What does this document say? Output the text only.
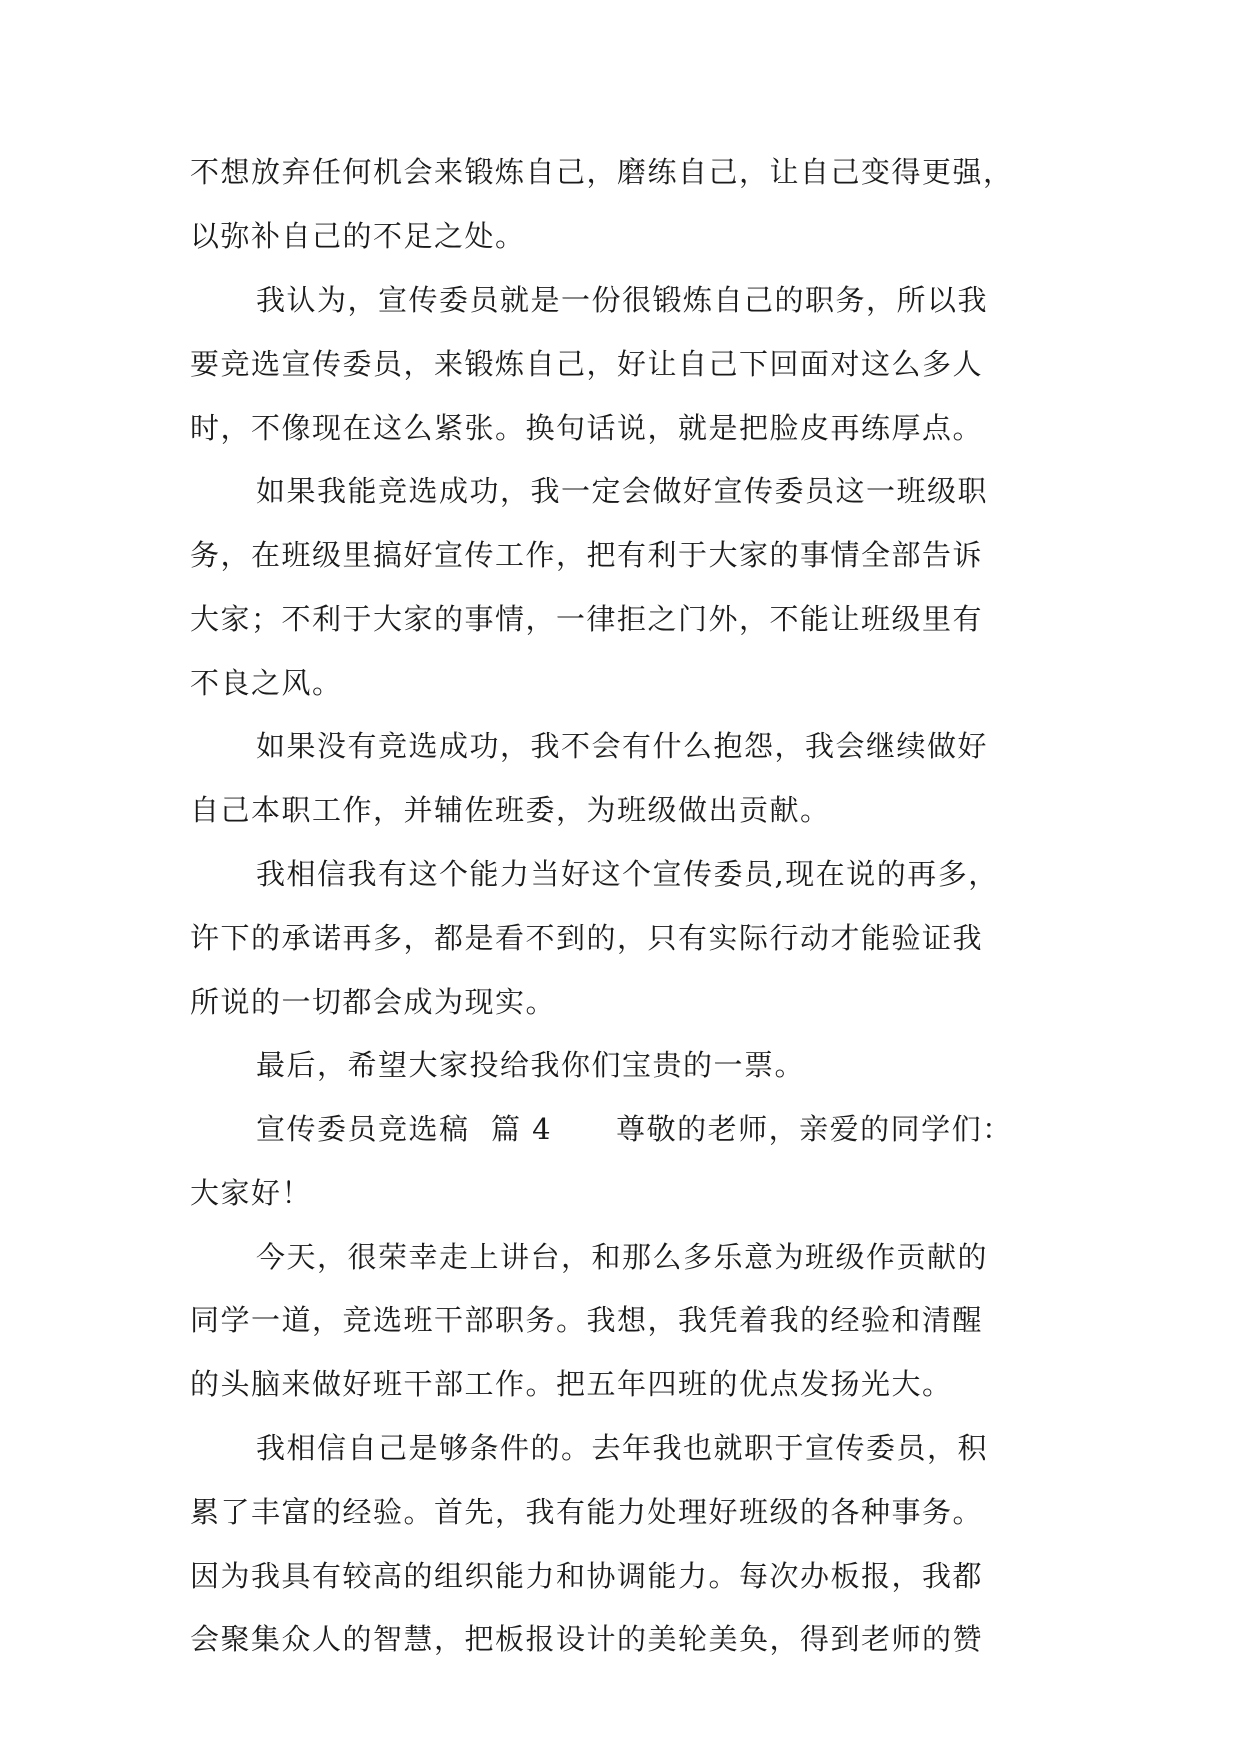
不想放弃任何机会来锻炼自己，磨练自己，让自己变得更强，
以弥补自己的不足之处。
我认为，宣传委员就是一份很锻炼自己的职务，所以我
要竞选宣传委员，来锻炼自己，好让自己下回面对这么多人
时，不像现在这么紧张。换句话说，就是把脸皮再练厚点。
如果我能竞选成功，我一定会做好宣传委员这一班级职
务，在班级里搞好宣传工作，把有利于大家的事情全部告诉
大家；不利于大家的事情，一律拒之门外，不能让班级里有
不良之风。
如果没有竞选成功，我不会有什么抱怨，我会继续做好
自己本职工作，并辅佐班委，为班级做出贡献。
我相信我有这个能力当好这个宣传委员,现在说的再多，
许下的承诺再多，都是看不到的，只有实际行动才能验证我
所说的一切都会成为现实。
最后，希望大家投给我你们宝贵的一票。
宣传委员竞选稿 篇 4 尊敬的老师，亲爱的同学们：
大家好！
今天，很荣幸走上讲台，和那么多乐意为班级作贡献的
同学一道，竞选班干部职务。我想，我凭着我的经验和清醒
的头脑来做好班干部工作。把五年四班的优点发扬光大。
我相信自己是够条件的。去年我也就职于宣传委员，积
累了丰富的经验。首先，我有能力处理好班级的各种事务。
因为我具有较高的组织能力和协调能力。每次办板报，我都
会聚集众人的智慧，把板报设计的美轮美奂，得到老师的赞
